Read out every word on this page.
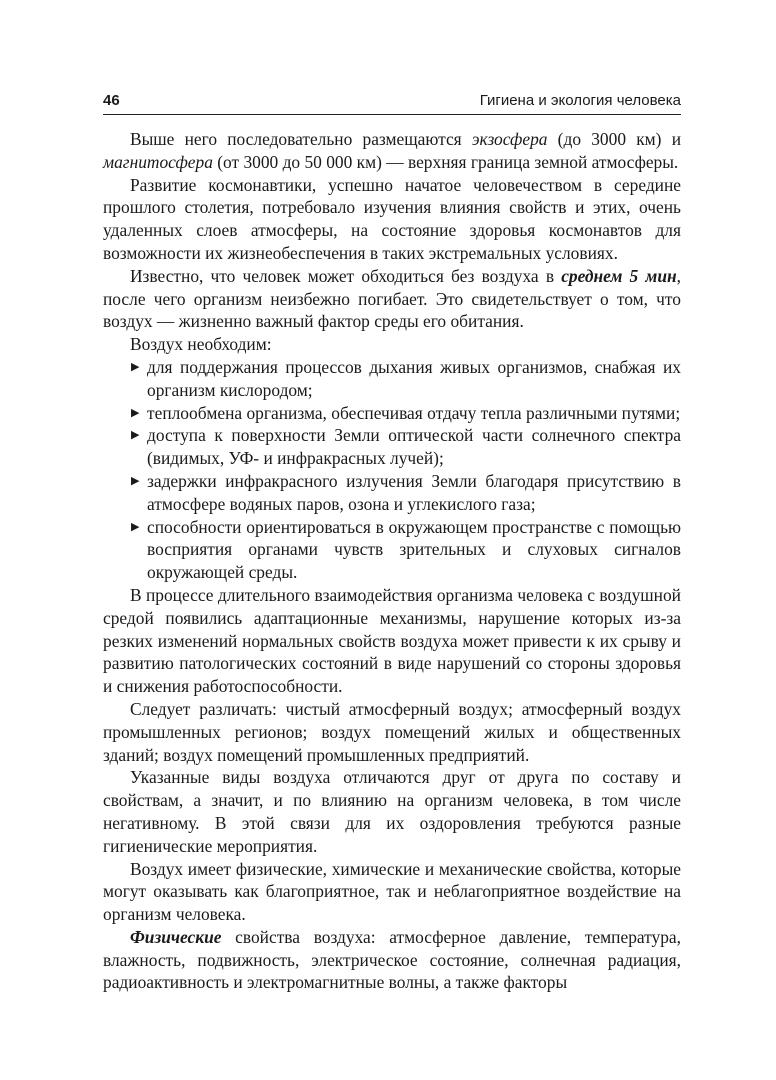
46	Гигиена и экология человека

Выше него последовательно размещаются экзосфера (до 3000 км) и магнитосфера (от 3000 до 50 000 км) — верхняя граница земной атмосферы.

Развитие космонавтики, успешно начатое человечеством в середине прошлого столетия, потребовало изучения влияния свойств и этих, очень удаленных слоев атмосферы, на состояние здоровья космонавтов для возможности их жизнеобеспечения в таких экстремальных условиях.

Известно, что человек может обходиться без воздуха в среднем 5 мин, после чего организм неизбежно погибает. Это свидетельствует о том, что воздух — жизненно важный фактор среды его обитания.

Воздух необходим:

▶ для поддержания процессов дыхания живых организмов, снабжая их организм кислородом;
▶ теплообмена организма, обеспечивая отдачу тепла различными путями;
▶ доступа к поверхности Земли оптической части солнечного спектра (видимых, УФ- и инфракрасных лучей);
▶ задержки инфракрасного излучения Земли благодаря присутствию в атмосфере водяных паров, озона и углекислого газа;
▶ способности ориентироваться в окружающем пространстве с помощью восприятия органами чувств зрительных и слуховых сигналов окружающей среды.

В процессе длительного взаимодействия организма человека с воздушной средой появились адаптационные механизмы, нарушение которых из-за резких изменений нормальных свойств воздуха может привести к их срыву и развитию патологических состояний в виде нарушений со стороны здоровья и снижения работоспособности.

Следует различать: чистый атмосферный воздух; атмосферный воздух промышленных регионов; воздух помещений жилых и общественных зданий; воздух помещений промышленных предприятий.

Указанные виды воздуха отличаются друг от друга по составу и свойствам, а значит, и по влиянию на организм человека, в том числе негативному. В этой связи для их оздоровления требуются разные гигиенические мероприятия.

Воздух имеет физические, химические и механические свойства, которые могут оказывать как благоприятное, так и неблагоприятное воздействие на организм человека.

Физические свойства воздуха: атмосферное давление, температура, влажность, подвижность, электрическое состояние, солнечная радиация, радиоактивность и электромагнитные волны, а также факторы
